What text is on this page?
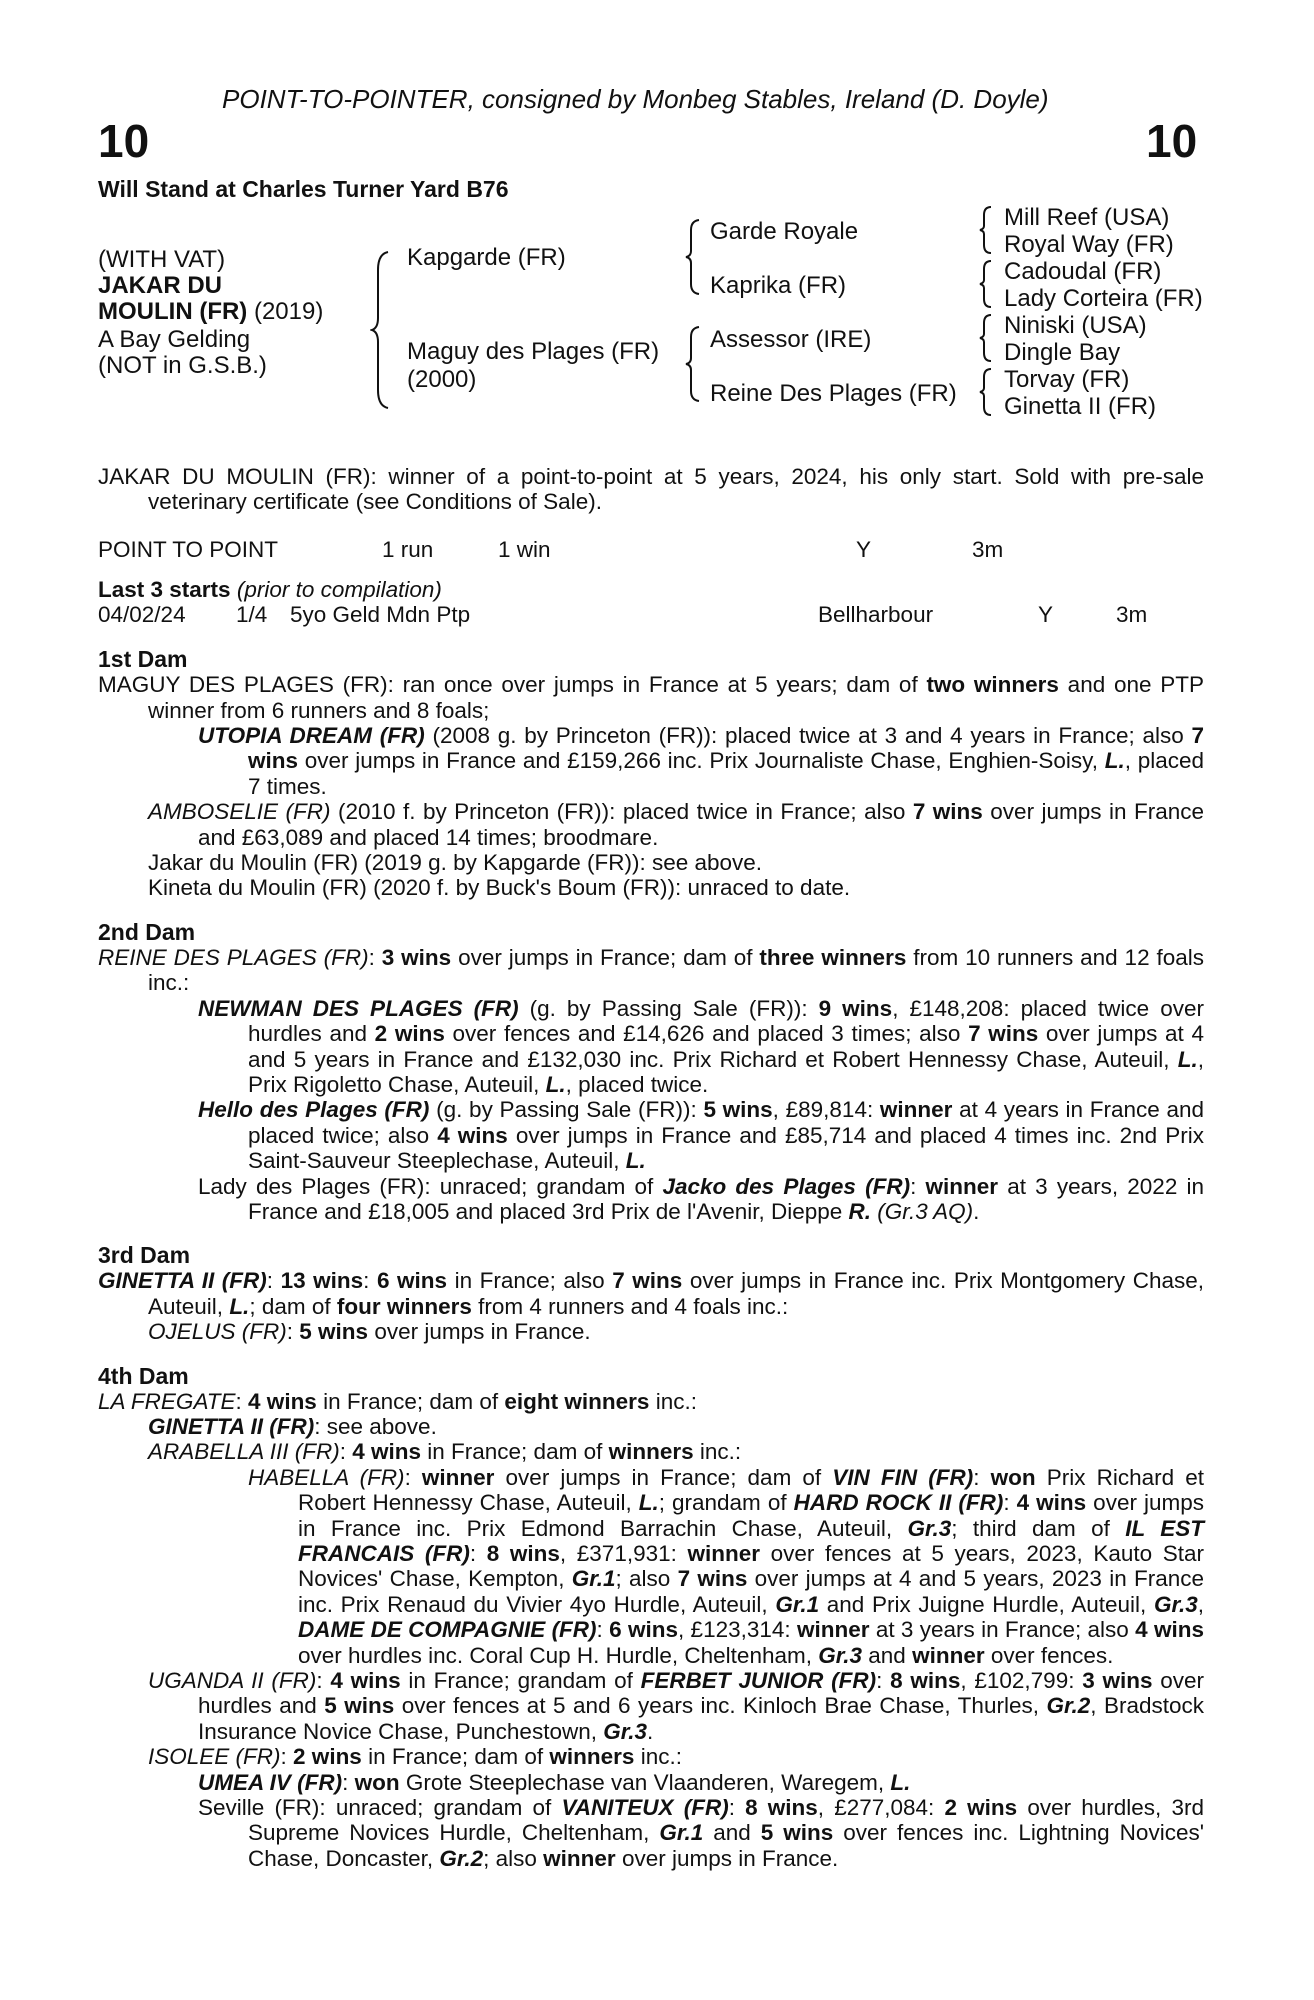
POINT-TO-POINTER, consigned by Monbeg Stables, Ireland (D. Doyle)
10	10
Will Stand at Charles Turner Yard B76
(WITH VAT)
JAKAR DU
MOULIN (FR) (2019)
A Bay Gelding
(NOT in G.S.B.)
Kapgarde (FR)
Maguy des Plages (FR)
(2000)
Garde Royale
Kaprika (FR)
Assessor (IRE)
Reine Des Plages (FR)
Mill Reef (USA)
Royal Way (FR)
Cadoudal (FR)
Lady Corteira (FR)
Niniski (USA)
Dingle Bay
Torvay (FR)
Ginetta II (FR)

JAKAR DU MOULIN (FR): winner of a point-to-point at 5 years, 2024, his only start. Sold with pre-sale veterinary certificate (see Conditions of Sale).

POINT TO POINT	1 run	1 win	Y	3m
Last 3 starts (prior to compilation)
04/02/24 1/4 5yo Geld Mdn Ptp	Bellharbour	Y	3m
1st Dam

MAGUY DES PLAGES (FR): ran once over jumps in France at 5 years; dam of two winners and one PTP winner from 6 runners and 8 foals;

UTOPIA DREAM (FR) (2008 g. by Princeton (FR)): placed twice at 3 and 4 years in France; also 7 wins over jumps in France and £159,266 inc. Prix Journaliste Chase, Enghien-Soisy, L., placed 7 times.

AMBOSELIE (FR) (2010 f. by Princeton (FR)): placed twice in France; also 7 wins over jumps in France and £63,089 and placed 14 times; broodmare.

Jakar du Moulin (FR) (2019 g. by Kapgarde (FR)): see above.

Kineta du Moulin (FR) (2020 f. by Buck's Boum (FR)): unraced to date.

2nd Dam

REINE DES PLAGES (FR): 3 wins over jumps in France; dam of three winners from 10 runners and 12 foals inc.:

NEWMAN DES PLAGES (FR) (g. by Passing Sale (FR)): 9 wins, £148,208: placed twice over hurdles and 2 wins over fences and £14,626 and placed 3 times; also 7 wins over jumps at 4 and 5 years in France and £132,030 inc. Prix Richard et Robert Hennessy Chase, Auteuil, L., Prix Rigoletto Chase, Auteuil, L., placed twice.

Hello des Plages (FR) (g. by Passing Sale (FR)): 5 wins, £89,814: winner at 4 years in France and placed twice; also 4 wins over jumps in France and £85,714 and placed 4 times inc. 2nd Prix Saint-Sauveur Steeplechase, Auteuil, L.

Lady des Plages (FR): unraced; grandam of Jacko des Plages (FR): winner at 3 years, 2022 in France and £18,005 and placed 3rd Prix de l'Avenir, Dieppe R. (Gr.3 AQ).

3rd Dam

GINETTA II (FR): 13 wins: 6 wins in France; also 7 wins over jumps in France inc. Prix Montgomery Chase, Auteuil, L.; dam of four winners from 4 runners and 4 foals inc.:

OJELUS (FR): 5 wins over jumps in France.

4th Dam

LA FREGATE: 4 wins in France; dam of eight winners inc.:

GINETTA II (FR): see above.

ARABELLA III (FR): 4 wins in France; dam of winners inc.:

HABELLA (FR): winner over jumps in France; dam of VIN FIN (FR): won Prix Richard et Robert Hennessy Chase, Auteuil, L.; grandam of HARD ROCK II (FR): 4 wins over jumps in France inc. Prix Edmond Barrachin Chase, Auteuil, Gr.3; third dam of IL EST FRANCAIS (FR): 8 wins, £371,931: winner over fences at 5 years, 2023, Kauto Star Novices' Chase, Kempton, Gr.1; also 7 wins over jumps at 4 and 5 years, 2023 in France inc. Prix Renaud du Vivier 4yo Hurdle, Auteuil, Gr.1 and Prix Juigne Hurdle, Auteuil, Gr.3, DAME DE COMPAGNIE (FR): 6 wins, £123,314: winner at 3 years in France; also 4 wins over hurdles inc. Coral Cup H. Hurdle, Cheltenham, Gr.3 and winner over fences.

UGANDA II (FR): 4 wins in France; grandam of FERBET JUNIOR (FR): 8 wins, £102,799: 3 wins over hurdles and 5 wins over fences at 5 and 6 years inc. Kinloch Brae Chase, Thurles, Gr.2, Bradstock Insurance Novice Chase, Punchestown, Gr.3.

ISOLEE (FR): 2 wins in France; dam of winners inc.:

UMEA IV (FR): won Grote Steeplechase van Vlaanderen, Waregem, L.

Seville (FR): unraced; grandam of VANITEUX (FR): 8 wins, £277,084: 2 wins over hurdles, 3rd Supreme Novices Hurdle, Cheltenham, Gr.1 and 5 wins over fences inc. Lightning Novices' Chase, Doncaster, Gr.2; also winner over jumps in France.
